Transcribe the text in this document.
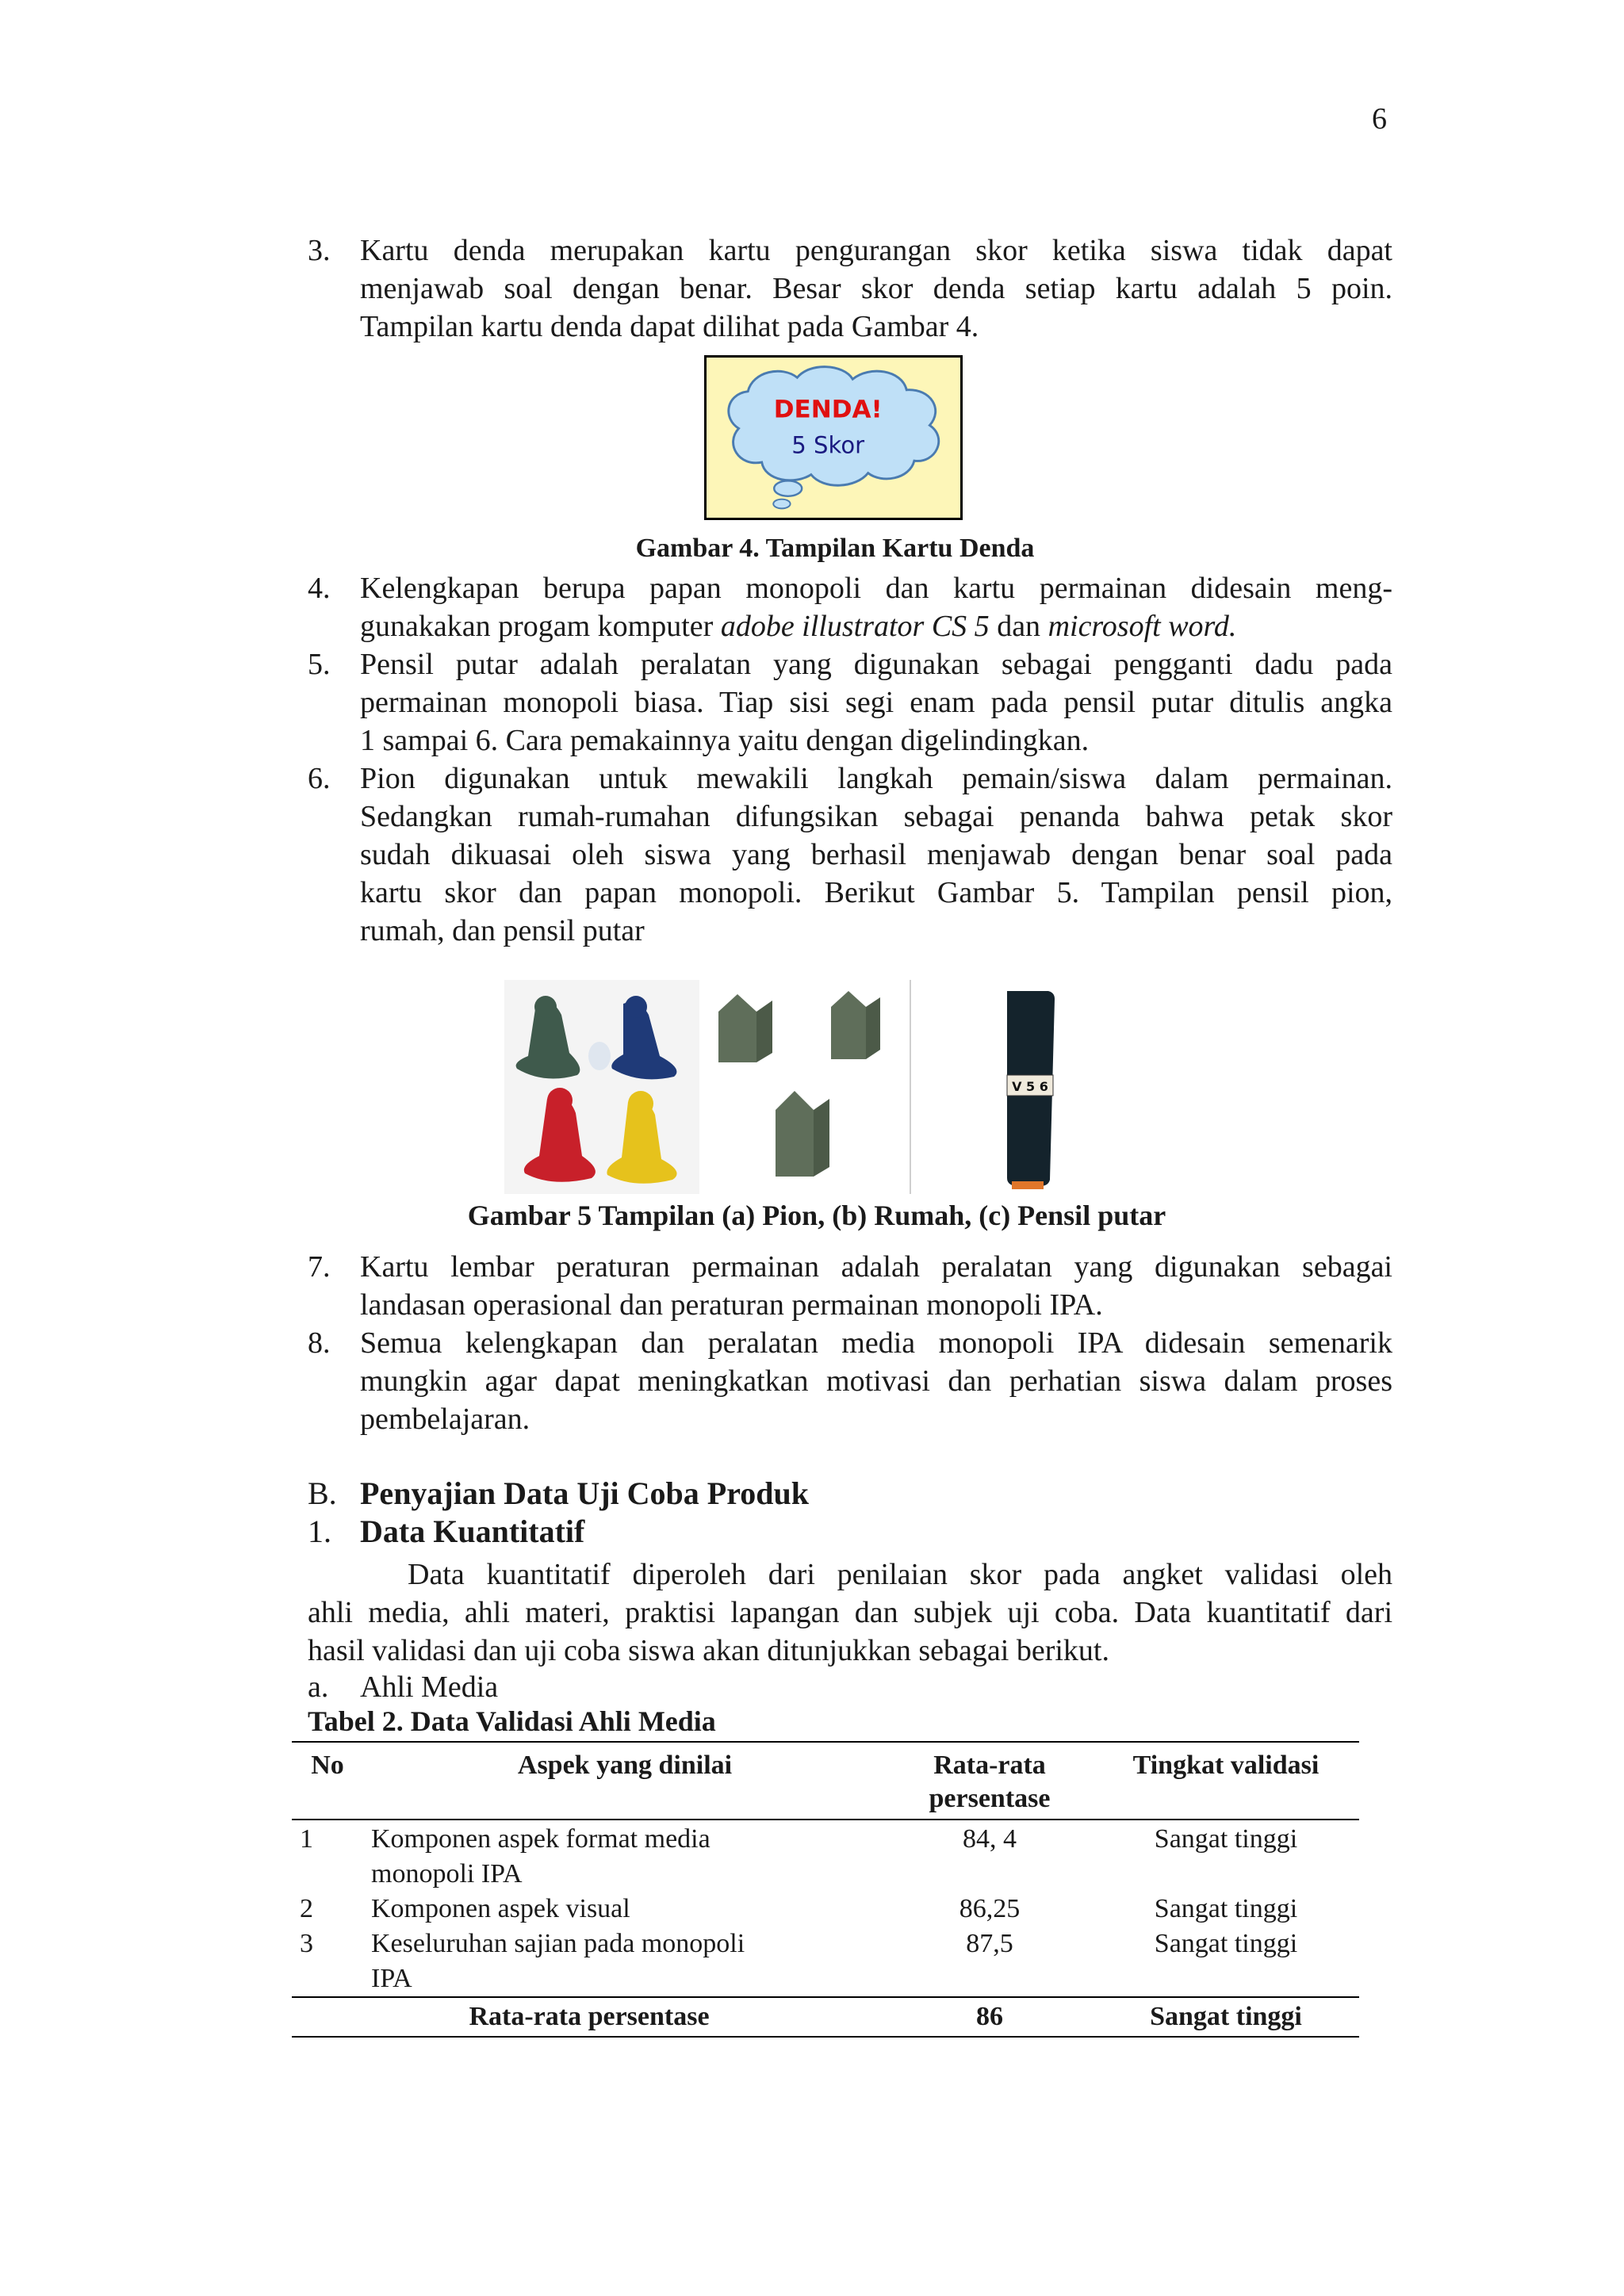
6
3. Kartu denda merupakan kartu pengurangan skor ketika siswa tidak dapat
menjawab soal dengan benar. Besar skor denda setiap kartu adalah 5 poin.
Tampilan kartu denda dapat dilihat pada Gambar 4.
DENDA!
5 Skor
Gambar 4. Tampilan Kartu Denda
4. Kelengkapan berupa papan monopoli dan kartu permainan didesain meng-
gunakakan progam komputer adobe illustrator CS 5 dan microsoft word.
5. Pensil putar adalah peralatan yang digunakan sebagai pengganti dadu pada
permainan monopoli biasa. Tiap sisi segi enam pada pensil putar ditulis angka
1 sampai 6. Cara pemakainnya yaitu dengan digelindingkan.
6. Pion digunakan untuk mewakili langkah pemain/siswa dalam permainan.
Sedangkan rumah-rumahan difungsikan sebagai penanda bahwa petak skor
sudah dikuasai oleh siswa yang berhasil menjawab dengan benar soal pada
kartu skor dan papan monopoli. Berikut Gambar 5. Tampilan pensil pion,
rumah, dan pensil putar
V 5 6
Gambar 5 Tampilan (a) Pion, (b) Rumah, (c) Pensil putar
7. Kartu lembar peraturan permainan adalah peralatan yang digunakan sebagai
landasan operasional dan peraturan permainan monopoli IPA.
8. Semua kelengkapan dan peralatan media monopoli IPA didesain semenarik
mungkin agar dapat meningkatkan motivasi dan perhatian siswa dalam proses
pembelajaran.
B. Penyajian Data Uji Coba Produk
1. Data Kuantitatif
Data kuantitatif diperoleh dari penilaian skor pada angket validasi oleh
ahli media, ahli materi, praktisi lapangan dan subjek uji coba. Data kuantitatif dari
hasil validasi dan uji coba siswa akan ditunjukkan sebagai berikut.
a. Ahli Media
Tabel 2. Data Validasi Ahli Media
No	Aspek yang dinilai	Rata-rata
persentase	Tingkat validasi
1	Komponen aspek format media
monopoli IPA	84, 4	Sangat tinggi
2	Komponen aspek visual	86,25	Sangat tinggi
3	Keseluruhan sajian pada monopoli
IPA	87,5	Sangat tinggi
Rata-rata persentase		86	Sangat tinggi
